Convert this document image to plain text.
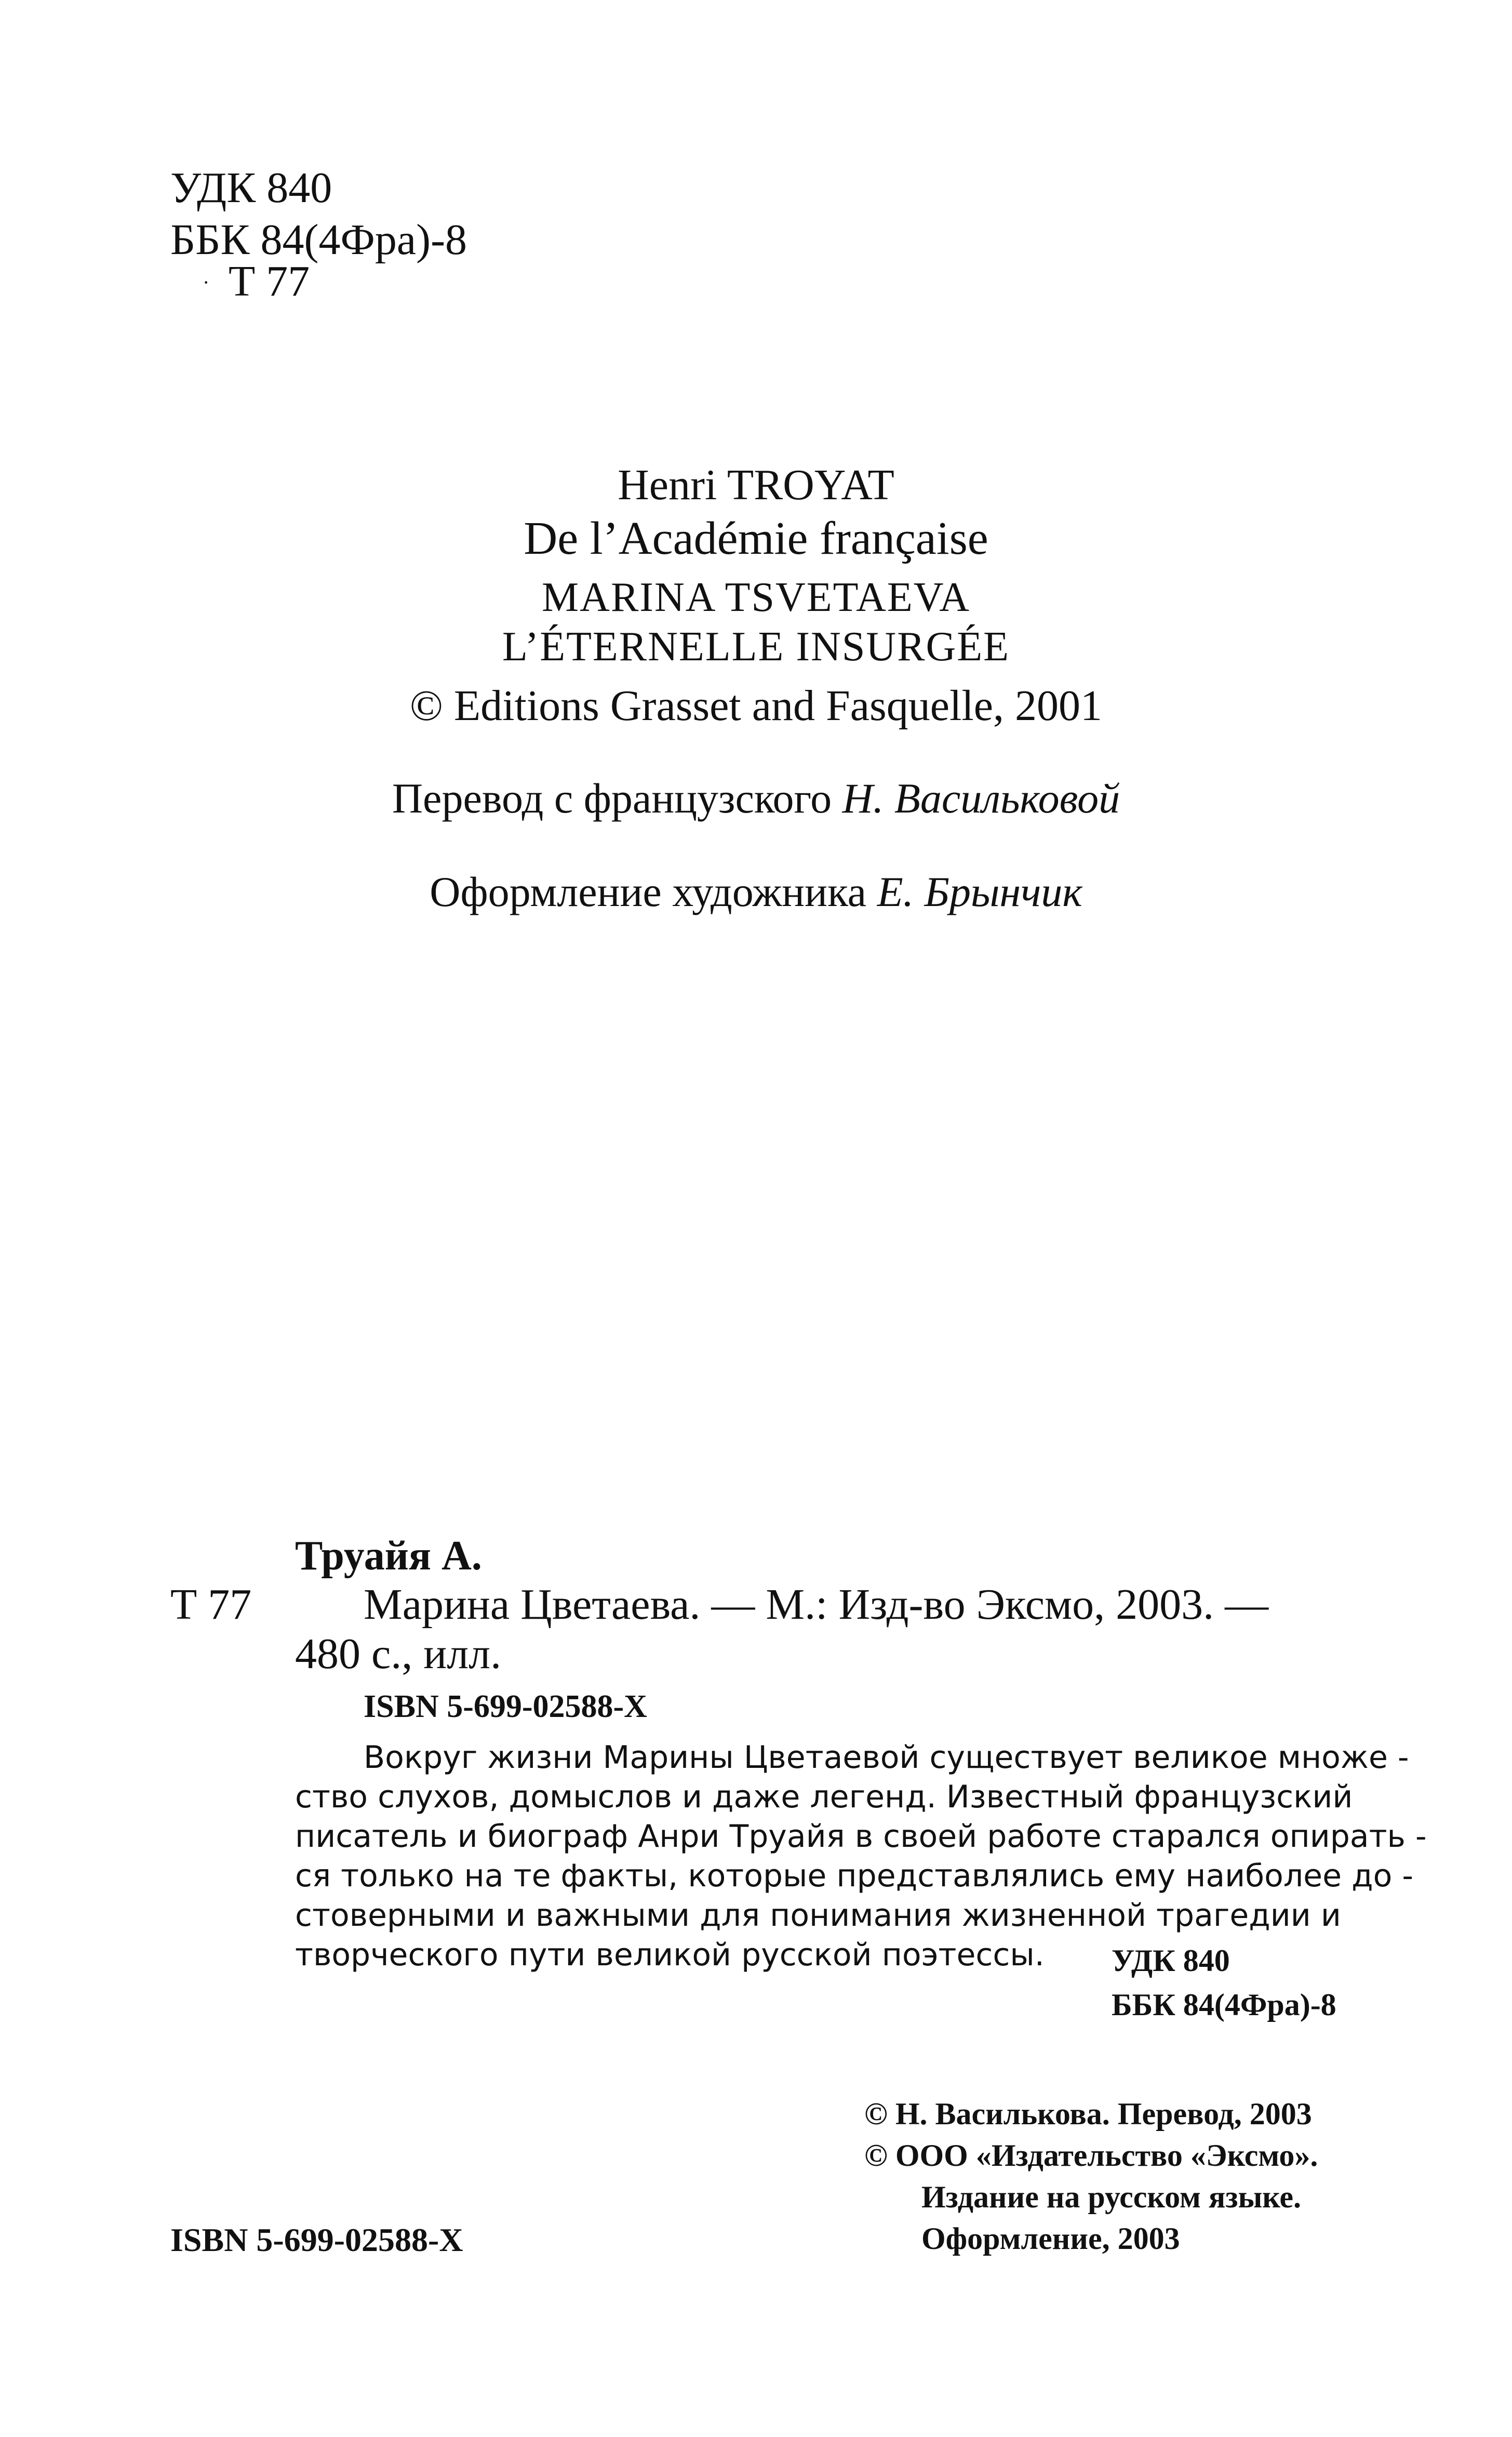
УДК 840
ББК 84(4Фра)-8
· Т 77
Henri TROYAT
De l’Académie française
MARINA TSVETAEVA
L’ÉTERNELLE INSURGÉE
© Editions Grasset and Fasquelle, 2001
Перевод с французского Н. Васильковой
Оформление художника Е. Брынчик
Труайя А.
Т 77	Марина Цветаева. — М.: Изд-во Эксмо, 2003. —
480 с., илл.
ISBN 5-699-02588-X
Вокруг жизни Марины Цветаевой существует великое множе -
ство слухов, домыслов и даже легенд. Известный французский
писатель и биограф Анри Труайя в своей работе старался опирать -
ся только на те факты, которые представлялись ему наиболее до -
стоверными и важными для понимания жизненной трагедии и
творческого пути великой русской поэтессы.	УДК 840
ББК 84(4Фра)-8
© Н. Василькова. Перевод, 2003
© ООО «Издательство «Эксмо».
Издание на русском языке.
Оформление, 2003
ISBN 5-699-02588-X
